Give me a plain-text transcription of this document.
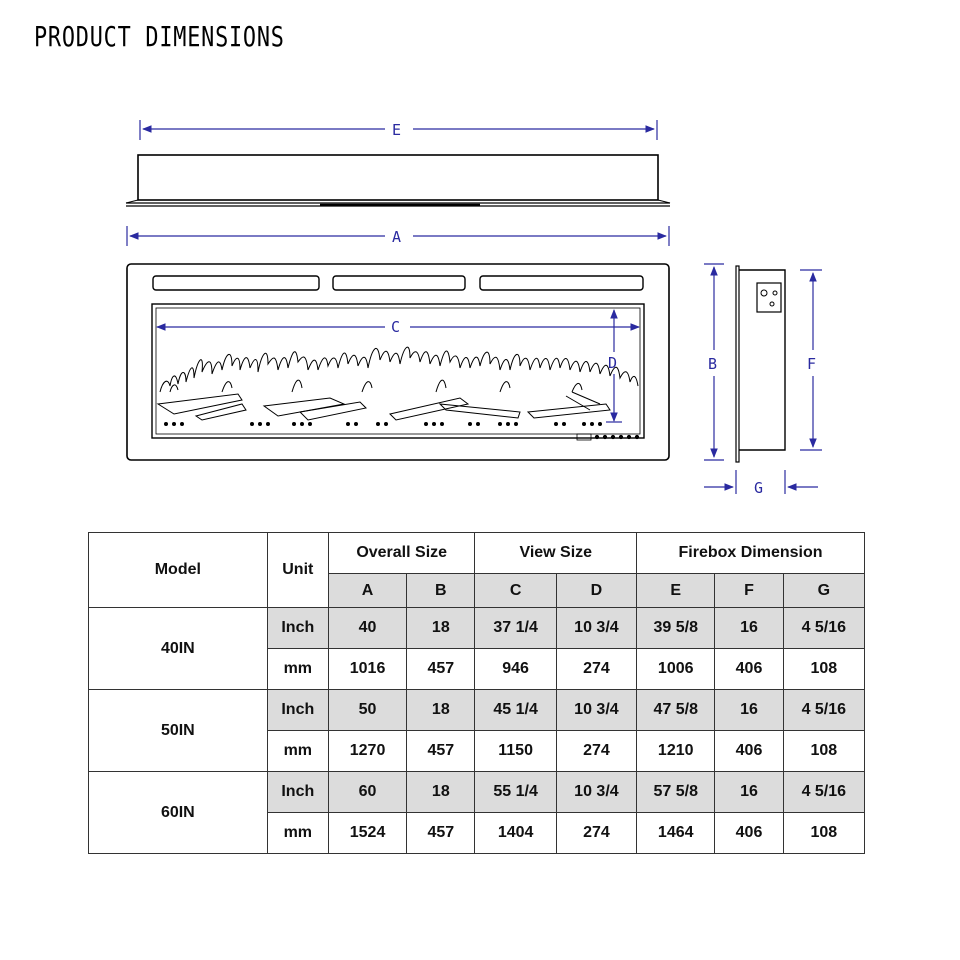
PRODUCT DIMENSIONS
E
A
C
D	B	F
G
Model	Unit	Overall Size		View Size		Firebox Dimension		
		A	B	C	D	E	F	G
40IN	Inch	40	18	37 1/4	10 3/4	39 5/8	16	4 5/16
	mm	1016	457	946	274	1006	406	108
50IN	Inch	50	18	45 1/4	10 3/4	47 5/8	16	4 5/16
	mm	1270	457	1150	274	1210	406	108
60IN	Inch	60	18	55 1/4	10 3/4	57 5/8	16	4 5/16
	mm	1524	457	1404	274	1464	406	108
